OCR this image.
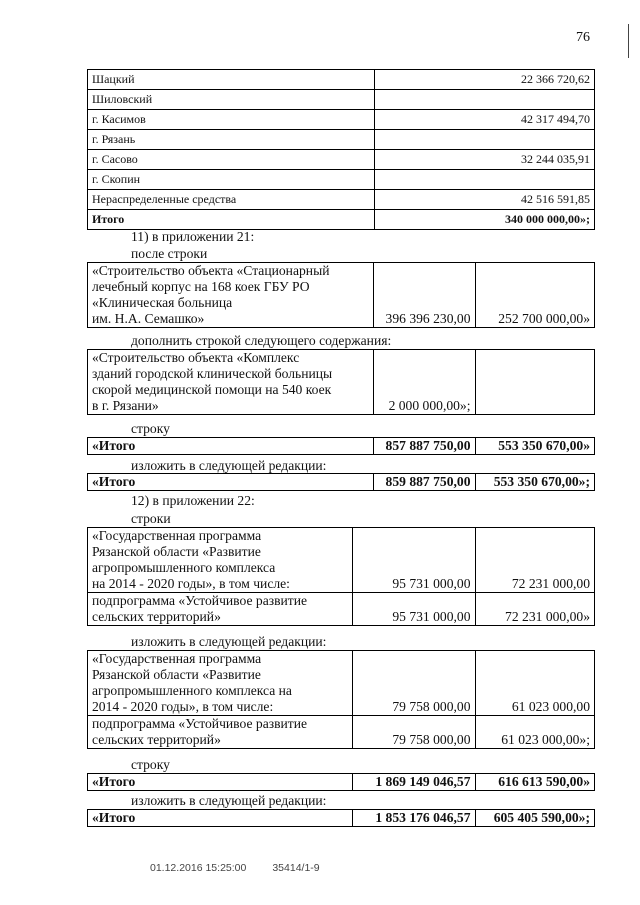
76
Шацкий	22 366 720,62
Шиловский	
г. Касимов	42 317 494,70
г. Рязань	
г. Сасово	32 244 035,91
г. Скопин	
Нераспределенные средства	42 516 591,85
Итого	340 000 000,00»;
11) в приложении 21:
после строки
«Строительство объекта «Стационарный
лечебный корпус на 168 коек ГБУ РО
«Клиническая больница
им. Н.А. Семашко»	396 396 230,00	252 700 000,00»
дополнить строкой следующего содержания:
«Строительство объекта «Комплекс
зданий городской клинической больницы
скорой медицинской помощи на 540 коек
в г. Рязани»	2 000 000,00»;	
строку
«Итого	857 887 750,00	553 350 670,00»
изложить в следующей редакции:
«Итого	859 887 750,00	553 350 670,00»;
12) в приложении 22:
строки
«Государственная программа
Рязанской области «Развитие
агропромышленного комплекса
на 2014 - 2020 годы», в том числе:	95 731 000,00	72 231 000,00

подпрограмма «Устойчивое развитие
сельских территорий»	95 731 000,00	72 231 000,00»
изложить в следующей редакции:
«Государственная программа
Рязанской области «Развитие
агропромышленного комплекса на
2014 - 2020 годы», в том числе:	79 758 000,00	61 023 000,00

подпрограмма «Устойчивое развитие
сельских территорий»	79 758 000,00	61 023 000,00»;
строку
«Итого	1 869 149 046,57	616 613 590,00»
изложить в следующей редакции:
«Итого	1 853 176 046,57	605 405 590,00»;
01.12.2016 15:25:00 35414/1-9
